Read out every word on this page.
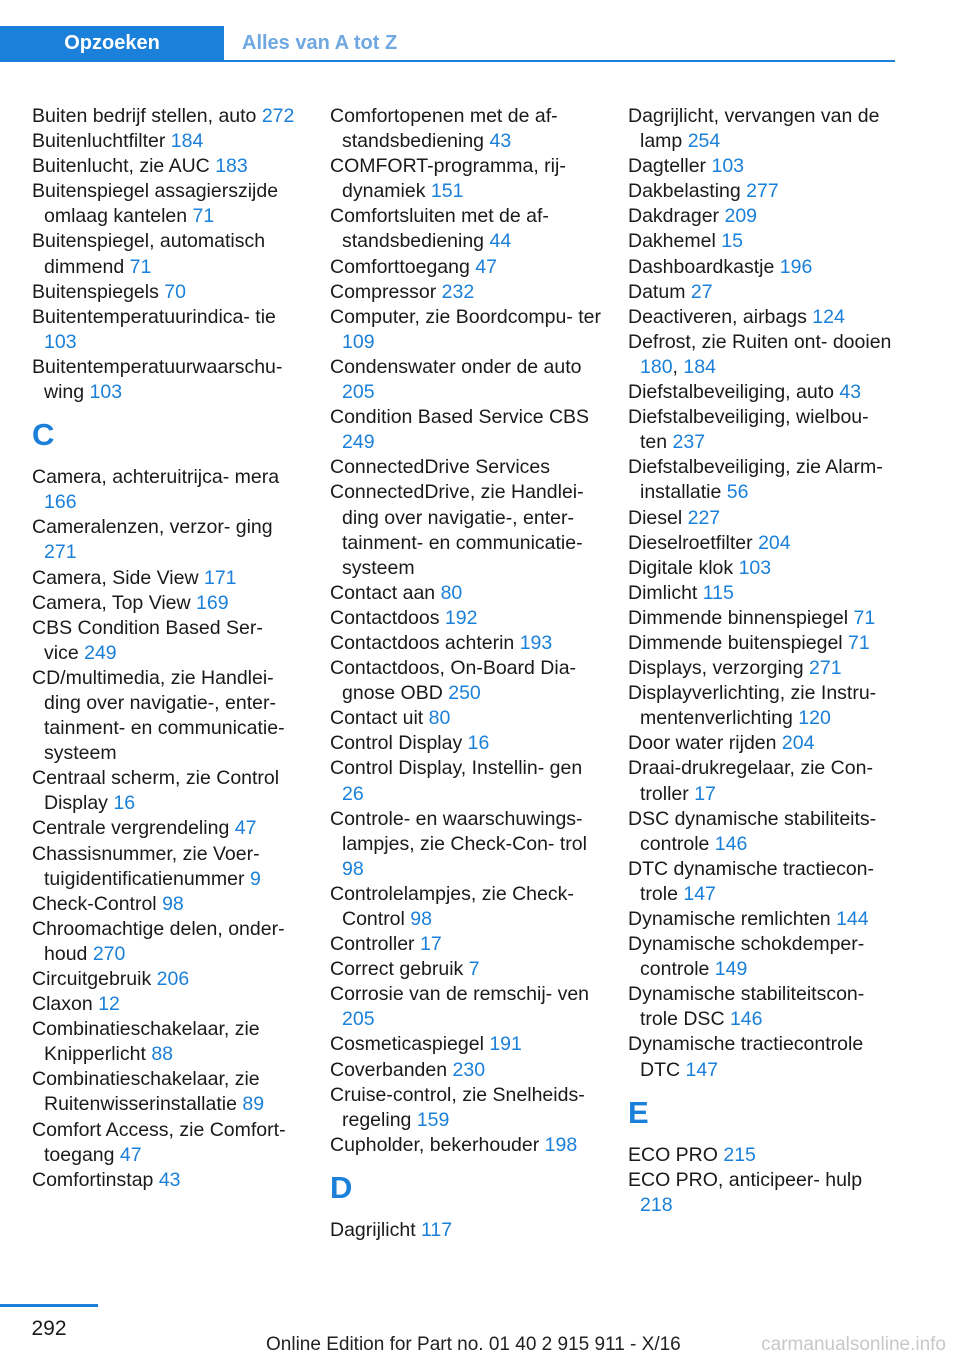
Opzoeken	Alles van A tot Z
Buiten bedrijf stellen, auto 272
Buitenluchtfilter 184
Buitenlucht, zie AUC 183
Buitenspiegel assagierszijde omlaag kantelen 71
Buitenspiegel, automatisch dimmend 71
Buitenspiegels 70
Buitentemperatuurindica‐ tie 103
Buitentemperatuurwaarschu‐ wing 103
C
Camera, achteruitrijca‐ mera 166
Cameralenzen, verzor‐ ging 271
Camera, Side View 171
Camera, Top View 169
CBS Condition Based Ser‐ vice 249
CD/multimedia, zie Handlei‐ ding over navigatie-, enter‐ tainment- en communicatie‐ systeem
Centraal scherm, zie Control Display 16
Centrale vergrendeling 47
Chassisnummer, zie Voer‐ tuigidentificatienummer 9
Check-Control 98
Chroomachtige delen, onder‐ houd 270
Circuitgebruik 206
Claxon 12
Combinatieschakelaar, zie Knipperlicht 88
Combinatieschakelaar, zie Ruitenwisserinstallatie 89
Comfort Access, zie Comfort‐ toegang 47
Comfortinstap 43
Comfortopenen met de af‐ standsbediening 43
COMFORT-programma, rij‐ dynamiek 151
Comfortsluiten met de af‐ standsbediening 44
Comforttoegang 47
Compressor 232
Computer, zie Boordcompu‐ ter 109
Condenswater onder de auto 205
Condition Based Service CBS 249
ConnectedDrive Services
ConnectedDrive, zie Handlei‐ ding over navigatie-, enter‐ tainment- en communicatie‐ systeem
Contact aan 80
Contactdoos 192
Contactdoos achterin 193
Contactdoos, On-Board Dia‐ gnose OBD 250
Contact uit 80
Control Display 16
Control Display, Instellin‐ gen 26
Controle- en waarschuwings‐ lampjes, zie Check-Con‐ trol 98
Controlelampjes, zie Check- Control 98
Controller 17
Correct gebruik 7
Corrosie van de remschij‐ ven 205
Cosmeticaspiegel 191
Coverbanden 230
Cruise-control, zie Snelheids‐ regeling 159
Cupholder, bekerhouder 198
D
Dagrijlicht 117
Dagrijlicht, vervangen van de lamp 254
Dagteller 103
Dakbelasting 277
Dakdrager 209
Dakhemel 15
Dashboardkastje 196
Datum 27
Deactiveren, airbags 124
Defrost, zie Ruiten ont‐ dooien 180, 184
Diefstalbeveiliging, auto 43
Diefstalbeveiliging, wielbou‐ ten 237
Diefstalbeveiliging, zie Alarm‐ installatie 56
Diesel 227
Dieselroetfilter 204
Digitale klok 103
Dimlicht 115
Dimmende binnenspiegel 71
Dimmende buitenspiegel 71
Displays, verzorging 271
Displayverlichting, zie Instru‐ mentenverlichting 120
Door water rijden 204
Draai-drukregelaar, zie Con‐ troller 17
DSC dynamische stabiliteits‐ controle 146
DTC dynamische tractiecon‐ trole 147
Dynamische remlichten 144
Dynamische schokdemper‐ controle 149
Dynamische stabiliteitscon‐ trole DSC 146
Dynamische tractiecontrole DTC 147
E
ECO PRO 215
ECO PRO, anticipeer‐ hulp 218
292
Online Edition for Part no. 01 40 2 915 911 - X/16	carmanualsonline.info
